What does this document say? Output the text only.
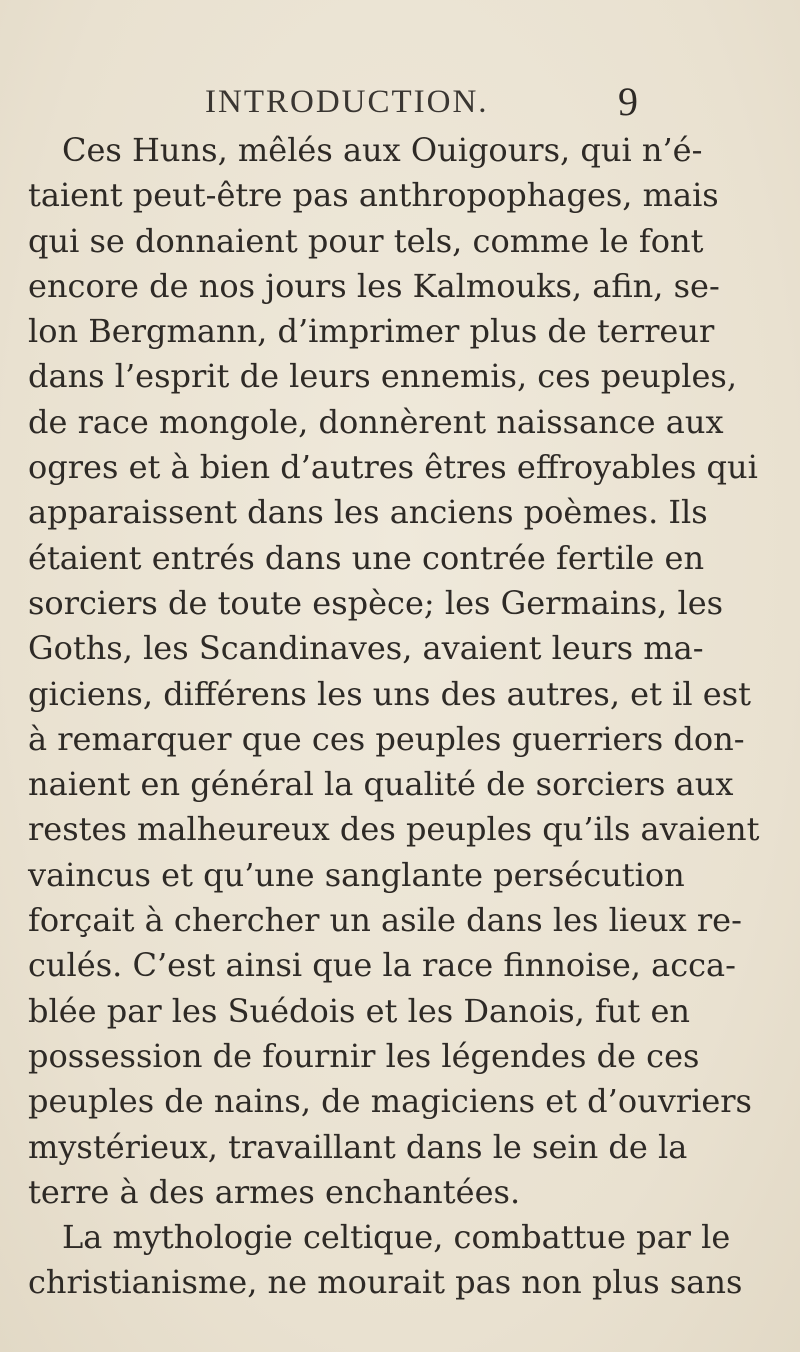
INTRODUCTION.	9
Ces Huns, mêlés aux Ouigours, qui n’é-
taient peut-être pas anthropophages, mais
qui se donnaient pour tels, comme le font
encore de nos jours les Kalmouks, afin, se-
lon Bergmann, d’imprimer plus de terreur
dans l’esprit de leurs ennemis, ces peuples,
de race mongole, donnèrent naissance aux
ogres et à bien d’autres êtres effroyables qui
apparaissent dans les anciens poèmes. Ils
étaient entrés dans une contrée fertile en
sorciers de toute espèce; les Germains, les
Goths, les Scandinaves, avaient leurs ma-
giciens, différens les uns des autres, et il est
à remarquer que ces peuples guerriers don-
naient en général la qualité de sorciers aux
restes malheureux des peuples qu’ils avaient
vaincus et qu’une sanglante persécution
forçait à chercher un asile dans les lieux re-
culés. C’est ainsi que la race finnoise, acca-
blée par les Suédois et les Danois, fut en
possession de fournir les légendes de ces
peuples de nains, de magiciens et d’ouvriers
mystérieux, travaillant dans le sein de la
terre à des armes enchantées.
La mythologie celtique, combattue par le
christianisme, ne mourait pas non plus sans
